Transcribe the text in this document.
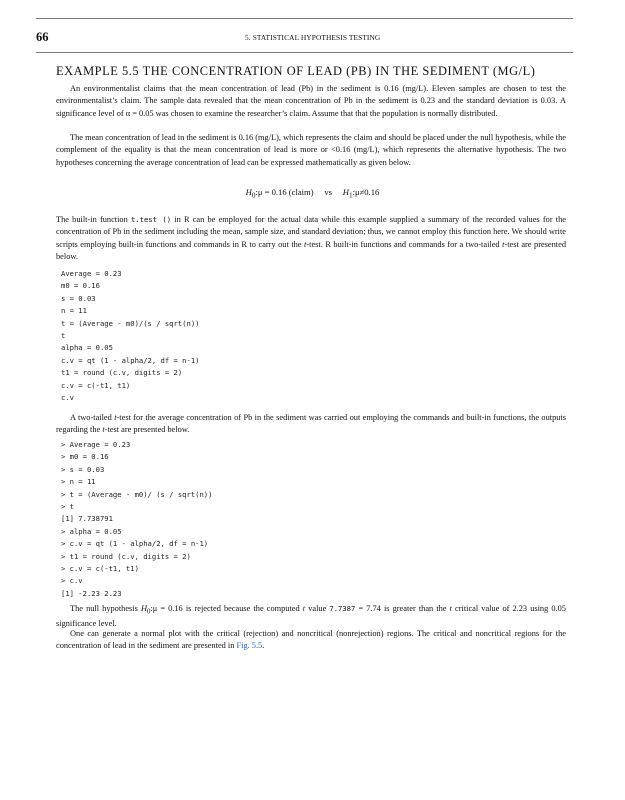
66	5. STATISTICAL HYPOTHESIS TESTING
EXAMPLE 5.5 THE CONCENTRATION OF LEAD (PB) IN THE SEDIMENT (MG/L)

An environmentalist claims that the mean concentration of lead (Pb) in the sediment is 0.16 (mg/L). Eleven samples are chosen to test the environmentalist’s claim. The sample data revealed that the mean concentration of Pb in the sediment is 0.23 and the standard deviation is 0.03. A significance level of α = 0.05 was chosen to examine the researcher’s claim. Assume that that the population is normally distributed.

The mean concentration of lead in the sediment is 0.16 (mg/L), which represents the claim and should be placed under the null hypothesis, while the complement of the equality is that the mean concentration of lead is more or <0.16 (mg/L), which represents the alternative hypothesis. The two hypotheses concerning the average concentration of lead can be expressed mathematically as given below.

$H_0:\mu = 0.16$ (claim) vs $H_1:\mu\ne 0.16$

The built-in function t.test () in R can be employed for the actual data while this example supplied a summary of the recorded values for the concentration of Pb in the sediment including the mean, sample size, and standard deviation; thus, we cannot employ this function here. We should write scripts employing built-in functions and commands in R to carry out the t-test. R built-in functions and commands for a two-tailed t-test are presented below.

Average = 0.23
m0 = 0.16
s = 0.03
n = 11
t = (Average - m0)/(s / sqrt(n))
t
alpha = 0.05
c.v = qt (1 - alpha/2, df = n-1)
t1 = round (c.v, digits = 2)
c.v = c(-t1, t1)
c.v

A two-tailed t-test for the average concentration of Pb in the sediment was carried out employing the commands and built-in functions, the outputs regarding the t-test are presented below.

> Average = 0.23
> m0 = 0.16
> s = 0.03
> n = 11
> t = (Average - m0)/ (s / sqrt(n))
> t
[1] 7.738791
> alpha = 0.05
> c.v = qt (1 - alpha/2, df = n-1)
> t1 = round (c.v, digits = 2)
> c.v = c(-t1, t1)
> c.v
[1] -2.23 2.23

The null hypothesis $H_0:\mu = 0.16$ is rejected because the computed t value 7.7387 = 7.74 is greater than the t critical value of 2.23 using 0.05 significance level.

One can generate a normal plot with the critical (rejection) and noncritical (nonrejection) regions. The critical and noncritical regions for the concentration of lead in the sediment are presented in Fig. 5.5.
